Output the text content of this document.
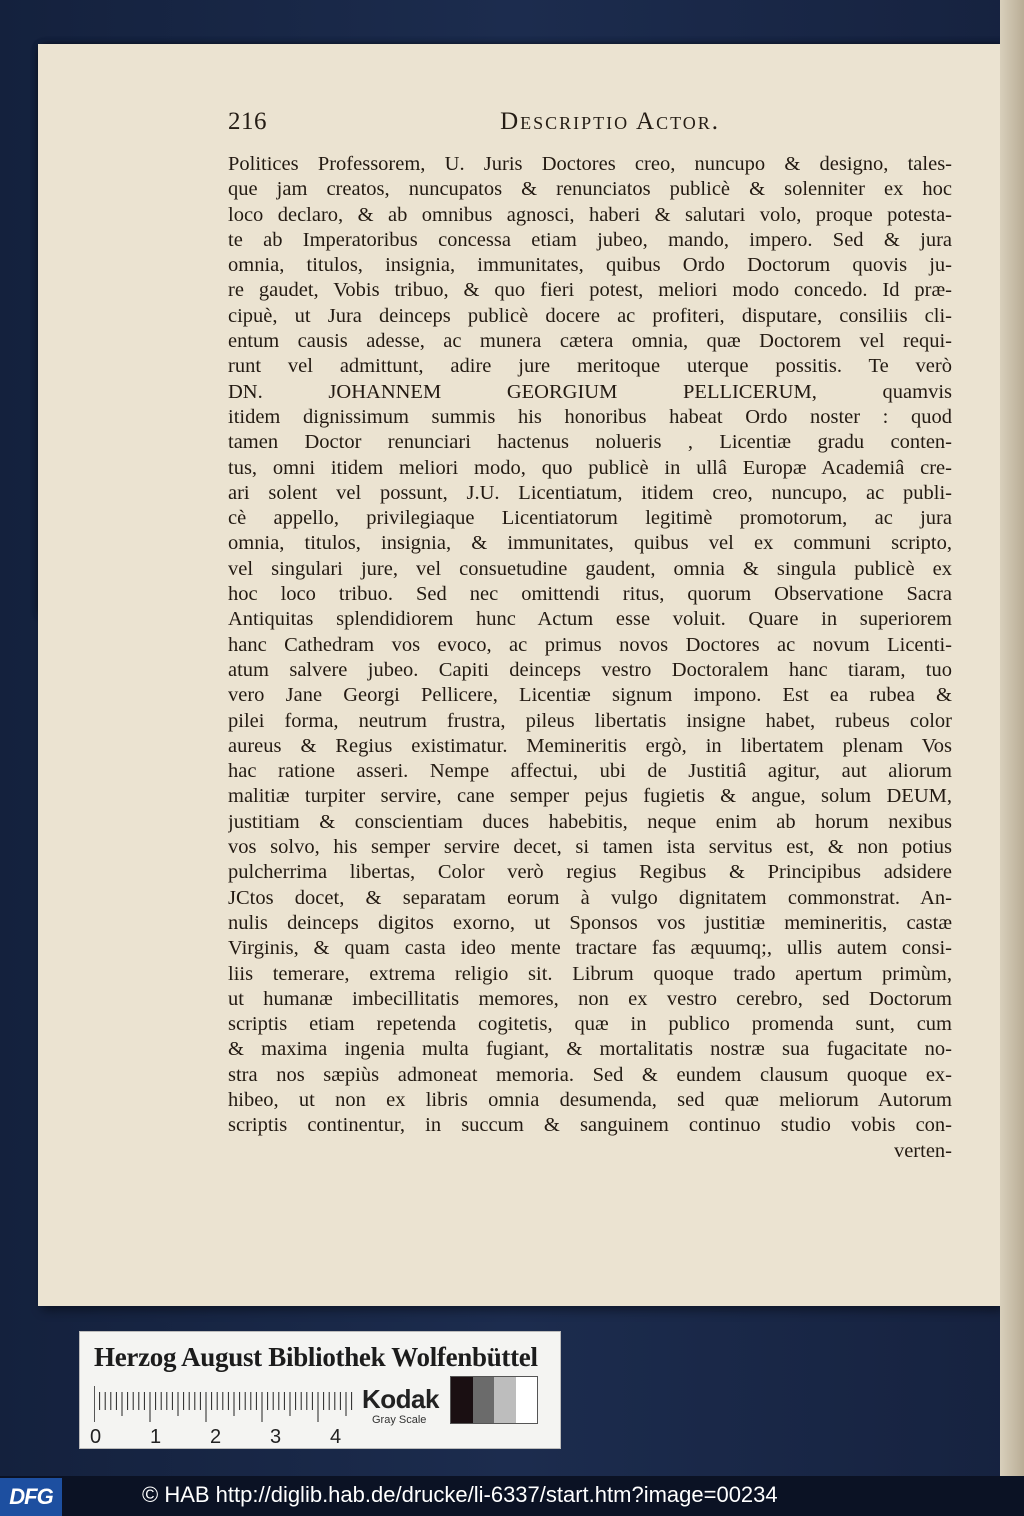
216	Descriptio Actor.
Politices Professorem, U. Juris Doctores creo, nuncupo & designo, tales-
que jam creatos, nuncupatos & renunciatos publicè & solenniter ex hoc
loco declaro, & ab omnibus agnosci, haberi & salutari volo, proque potesta-
te ab Imperatoribus concessa etiam jubeo, mando, impero. Sed & jura
omnia, titulos, insignia, immunitates, quibus Ordo Doctorum quovis ju-
re gaudet, Vobis tribuo, & quo fieri potest, meliori modo concedo. Id præ-
cipuè, ut Jura deinceps publicè docere ac profiteri, disputare, consiliis cli-
entum causis adesse, ac munera cætera omnia, quæ Doctorem vel requi-
runt vel admittunt, adire jure meritoque uterque possitis. Te verò
DN. JOHANNEM GEORGIUM PELLICERUM, quamvis
itidem dignissimum summis his honoribus habeat Ordo noster : quod
tamen Doctor renunciari hactenus nolueris , Licentiæ gradu conten-
tus, omni itidem meliori modo, quo publicè in ullâ Europæ Academiâ cre-
ari solent vel possunt, J.U. Licentiatum, itidem creo, nuncupo, ac publi-
cè appello, privilegiaque Licentiatorum legitimè promotorum, ac jura
omnia, titulos, insignia, & immunitates, quibus vel ex communi scripto,
vel singulari jure, vel consuetudine gaudent, omnia & singula publicè ex
hoc loco tribuo. Sed nec omittendi ritus, quorum Observatione Sacra
Antiquitas splendidiorem hunc Actum esse voluit. Quare in superiorem
hanc Cathedram vos evoco, ac primus novos Doctores ac novum Licenti-
atum salvere jubeo. Capiti deinceps vestro Doctoralem hanc tiaram, tuo
vero Jane Georgi Pellicere, Licentiæ signum impono. Est ea rubea &
pilei forma, neutrum frustra, pileus libertatis insigne habet, rubeus color
aureus & Regius existimatur. Memineritis ergò, in libertatem plenam Vos
hac ratione asseri. Nempe affectui, ubi de Justitiâ agitur, aut aliorum
malitiæ turpiter servire, cane semper pejus fugietis & angue, solum DEUM,
justitiam & conscientiam duces habebitis, neque enim ab horum nexibus
vos solvo, his semper servire decet, si tamen ista servitus est, & non potius
pulcherrima libertas, Color verò regius Regibus & Principibus adsidere
JCtos docet, & separatam eorum à vulgo dignitatem commonstrat. An-
nulis deinceps digitos exorno, ut Sponsos vos justitiæ memineritis, castæ
Virginis, & quam casta ideo mente tractare fas æquumq;, ullis autem consi-
liis temerare, extrema religio sit. Librum quoque trado apertum primùm,
ut humanæ imbecillitatis memores, non ex vestro cerebro, sed Doctorum
scriptis etiam repetenda cogitetis, quæ in publico promenda sunt, cum
& maxima ingenia multa fugiant, & mortalitatis nostræ sua fugacitate no-
stra nos sæpiùs admoneat memoria. Sed & eundem clausum quoque ex-
hibeo, ut non ex libris omnia desumenda, sed quæ meliorum Autorum
scriptis continentur, in succum & sanguinem continuo studio vobis con-
verten-
Herzog August Bibliothek Wolfenbüttel
0 1 2 3 4
Kodak
Gray Scale
DFG	© HAB http://diglib.hab.de/drucke/li-6337/start.htm?image=00234
